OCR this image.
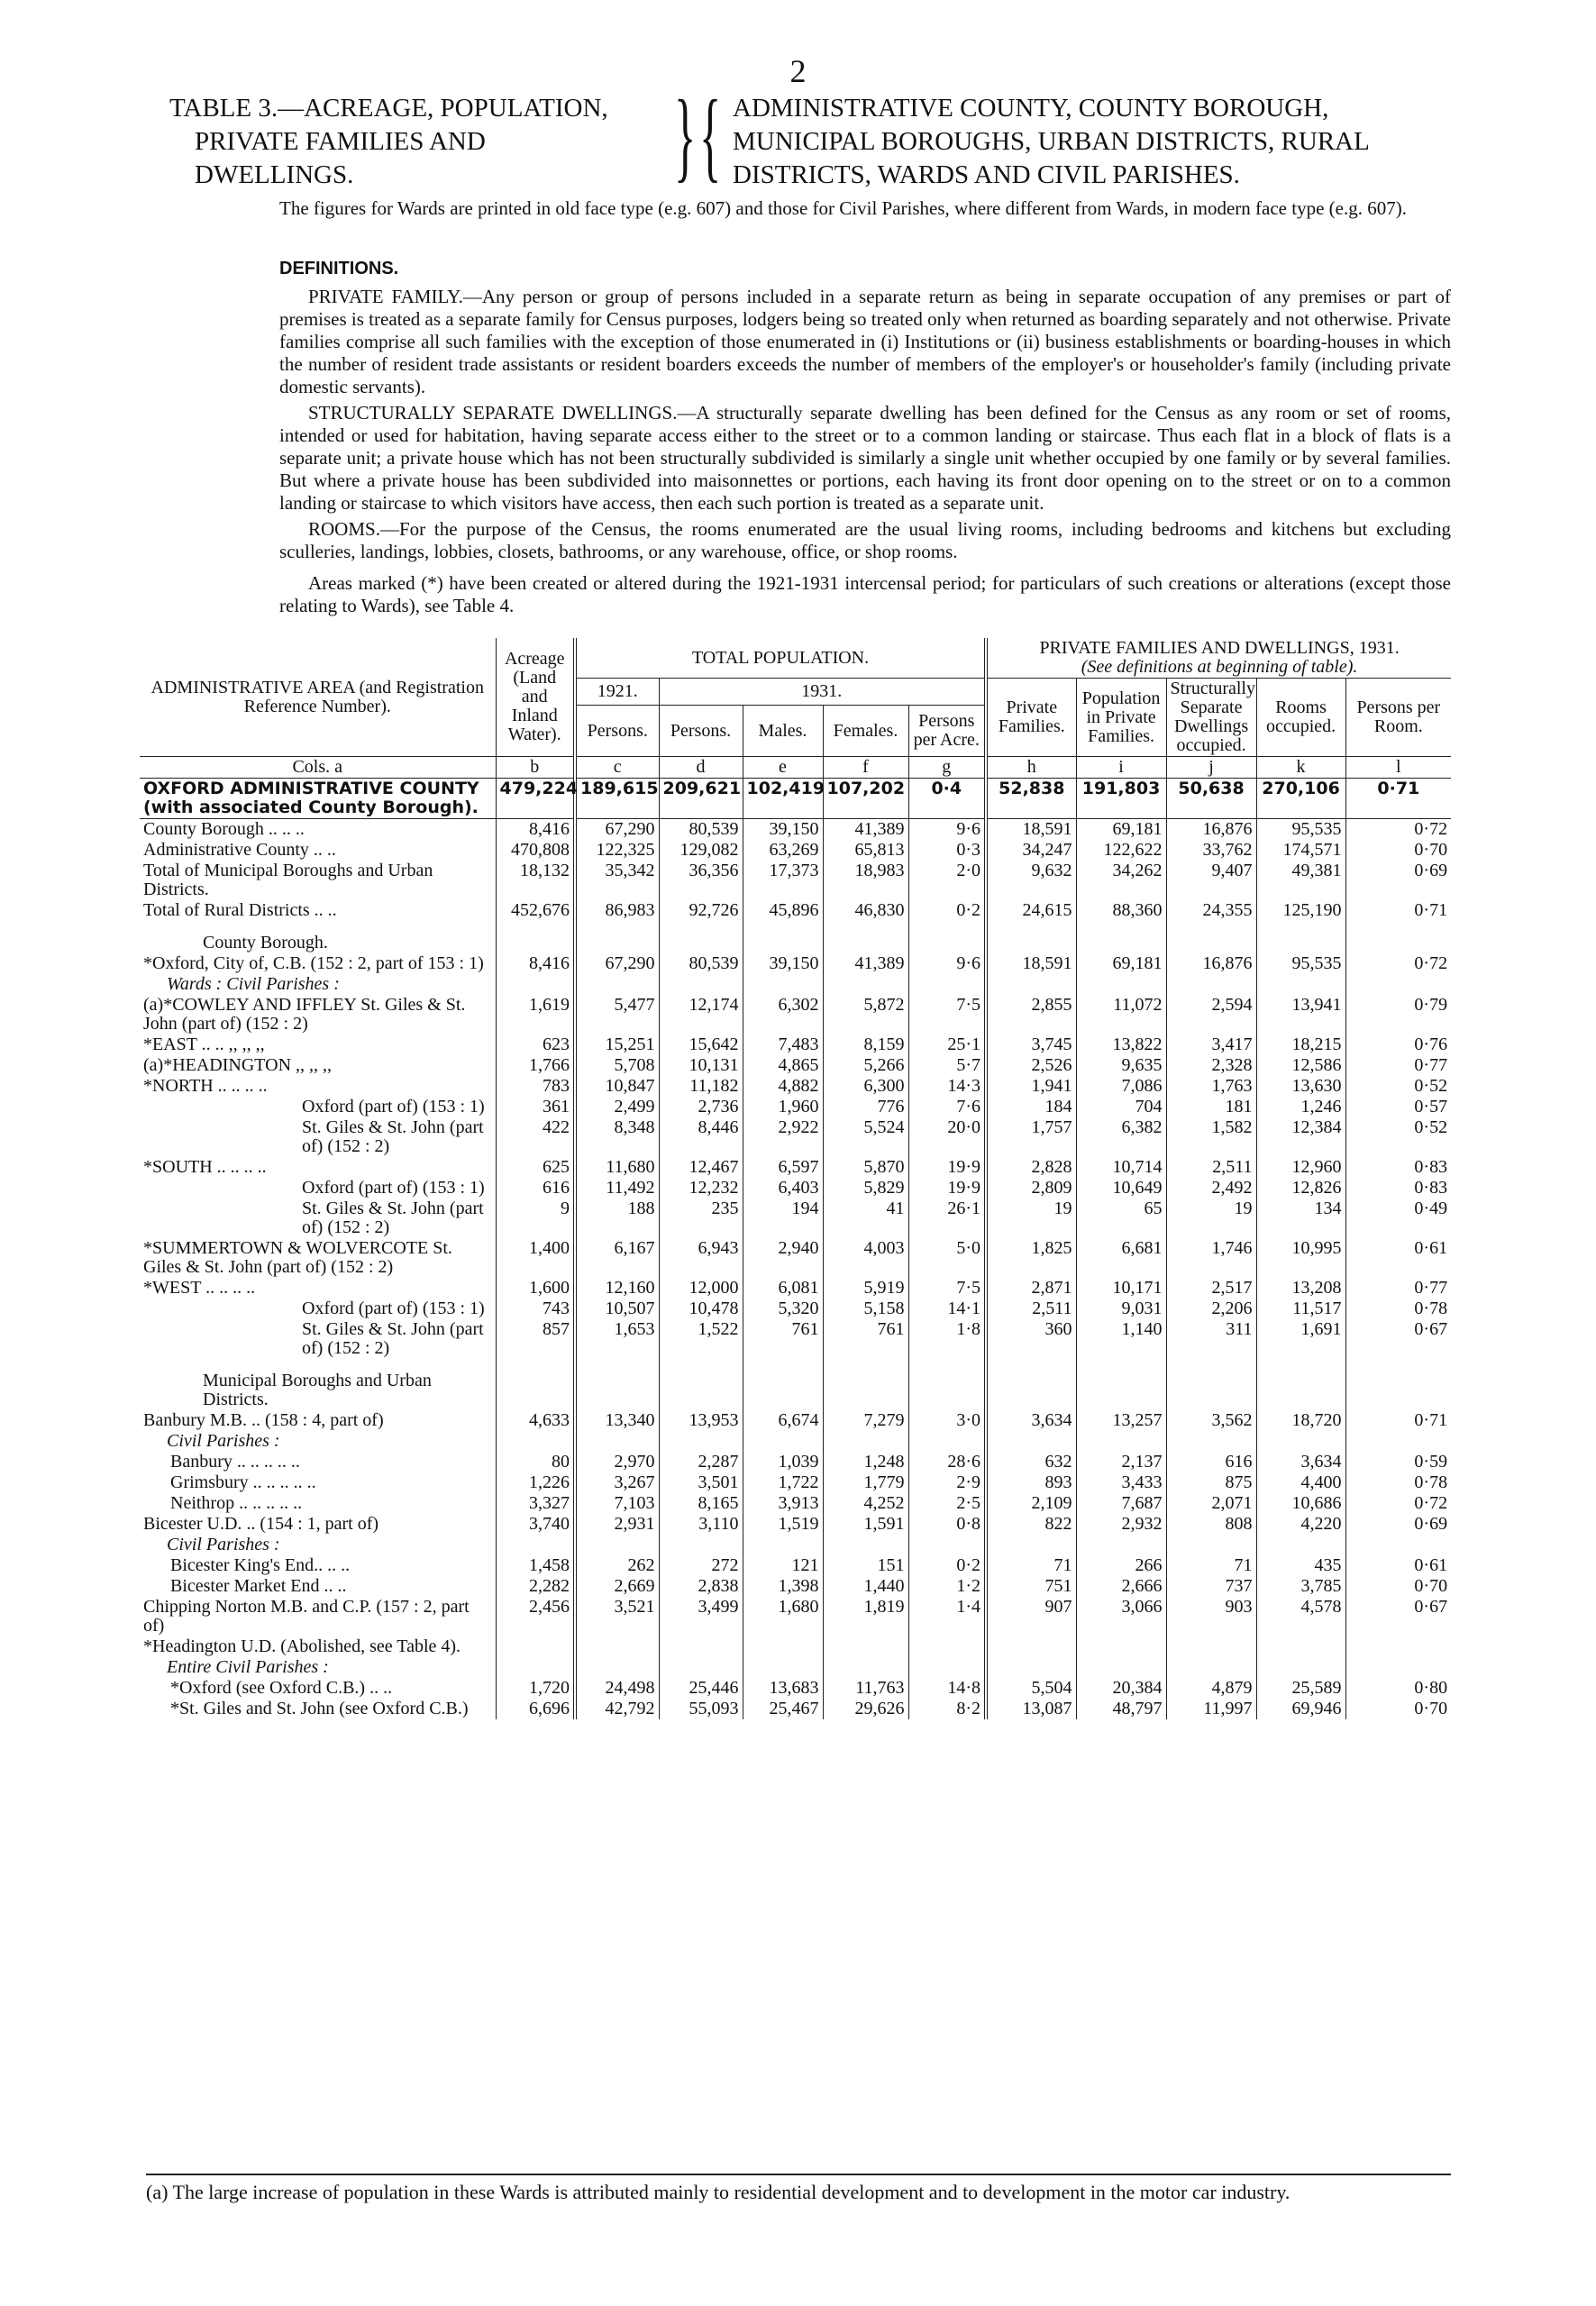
2
TABLE 3.—ACREAGE, POPULATION,
PRIVATE FAMILIES AND
DWELLINGS.	} { ADMINISTRATIVE COUNTY, COUNTY BOROUGH,
MUNICIPAL BOROUGHS, URBAN DISTRICTS, RURAL
DISTRICTS, WARDS AND CIVIL PARISHES.
The figures for Wards are printed in old face type (e.g. 607) and those for Civil Parishes, where different from Wards, in modern face type (e.g. 607).
DEFINITIONS.

PRIVATE FAMILY.—Any person or group of persons included in a separate return as being in separate occupation of any premises or part of premises is treated as a separate family for Census purposes, lodgers being so treated only when returned as boarding separately and not otherwise. Private families comprise all such families with the exception of those enumerated in (i) Institutions or (ii) business establishments or boarding-houses in which the number of resident trade assistants or resident boarders exceeds the number of members of the employer's or householder's family (including private domestic servants).

STRUCTURALLY SEPARATE DWELLINGS.—A structurally separate dwelling has been defined for the Census as any room or set of rooms, intended or used for habitation, having separate access either to the street or to a common landing or staircase. Thus each flat in a block of flats is a separate unit; a private house which has not been structurally subdivided is similarly a single unit whether occupied by one family or by several families. But where a private house has been subdivided into maisonnettes or portions, each having its front door opening on to the street or on to a common landing or staircase to which visitors have access, then each such portion is treated as a separate unit.

ROOMS.—For the purpose of the Census, the rooms enumerated are the usual living rooms, including bedrooms and kitchens but excluding sculleries, landings, lobbies, closets, bathrooms, or any warehouse, office, or shop rooms.

Areas marked (*) have been created or altered during the 1921-1931 intercensal period; for particulars of such creations or alterations (except those relating to Wards), see Table 4.

ADMINISTRATIVE AREA (and Registration Reference Number).	Acreage (Land and Inland Water).	TOTAL POPULATION.					PRIVATE FAMILIES AND DWELLINGS, 1931.
(See definitions at beginning of table).				
		1921.	1931.				Private Families.	Population in Private Families.	Structurally Separate Dwellings occupied.	Rooms occupied.	Persons per Room.
		Persons.	Persons.	Males.	Females.	Persons per Acre.					
Cols. a	b	c	d	e	f	g	h	i	j	k	l
OXFORD ADMINISTRATIVE COUNTY (with associated County Borough).	479,224	189,615	209,621	102,419	107,202	0·4	52,838	191,803	50,638	270,106	0·71
County Borough .. .. ..	8,416	67,290	80,539	39,150	41,389	9·6	18,591	69,181	16,876	95,535	0·72
Administrative County .. ..	470,808	122,325	129,082	63,269	65,813	0·3	34,247	122,622	33,762	174,571	0·70
Total of Municipal Boroughs and Urban Districts.	18,132	35,342	36,356	17,373	18,983	2·0	9,632	34,262	9,407	49,381	0·69
Total of Rural Districts .. ..	452,676	86,983	92,726	45,896	46,830	0·2	24,615	88,360	24,355	125,190	0·71
County Borough.											
*Oxford, City of, C.B. (152 : 2, part of 153 : 1)	8,416	67,290	80,539	39,150	41,389	9·6	18,591	69,181	16,876	95,535	0·72
Wards : Civil Parishes :											
(a)*COWLEY AND IFFLEY St. Giles & St. John (part of) (152 : 2)	1,619	5,477	12,174	6,302	5,872	7·5	2,855	11,072	2,594	13,941	0·79
*EAST .. .. ,, ,, ,,	623	15,251	15,642	7,483	8,159	25·1	3,745	13,822	3,417	18,215	0·76
(a)*HEADINGTON ,, ,, ,,	1,766	5,708	10,131	4,865	5,266	5·7	2,526	9,635	2,328	12,586	0·77
*NORTH .. .. .. ..	783	10,847	11,182	4,882	6,300	14·3	1,941	7,086	1,763	13,630	0·52
Oxford (part of) (153 : 1)	361	2,499	2,736	1,960	776	7·6	184	704	181	1,246	0·57
St. Giles & St. John (part of) (152 : 2)	422	8,348	8,446	2,922	5,524	20·0	1,757	6,382	1,582	12,384	0·52
*SOUTH .. .. .. ..	625	11,680	12,467	6,597	5,870	19·9	2,828	10,714	2,511	12,960	0·83
Oxford (part of) (153 : 1)	616	11,492	12,232	6,403	5,829	19·9	2,809	10,649	2,492	12,826	0·83
St. Giles & St. John (part of) (152 : 2)	9	188	235	194	41	26·1	19	65	19	134	0·49
*SUMMERTOWN & WOLVERCOTE St. Giles & St. John (part of) (152 : 2)	1,400	6,167	6,943	2,940	4,003	5·0	1,825	6,681	1,746	10,995	0·61
*WEST .. .. .. ..	1,600	12,160	12,000	6,081	5,919	7·5	2,871	10,171	2,517	13,208	0·77
Oxford (part of) (153 : 1)	743	10,507	10,478	5,320	5,158	14·1	2,511	9,031	2,206	11,517	0·78
St. Giles & St. John (part of) (152 : 2)	857	1,653	1,522	761	761	1·8	360	1,140	311	1,691	0·67
Municipal Boroughs and Urban Districts.											
Banbury M.B. .. (158 : 4, part of)	4,633	13,340	13,953	6,674	7,279	3·0	3,634	13,257	3,562	18,720	0·71
Civil Parishes :											
Banbury .. .. .. .. ..	80	2,970	2,287	1,039	1,248	28·6	632	2,137	616	3,634	0·59
Grimsbury .. .. .. .. ..	1,226	3,267	3,501	1,722	1,779	2·9	893	3,433	875	4,400	0·78
Neithrop .. .. .. .. ..	3,327	7,103	8,165	3,913	4,252	2·5	2,109	7,687	2,071	10,686	0·72
Bicester U.D. .. (154 : 1, part of)	3,740	2,931	3,110	1,519	1,591	0·8	822	2,932	808	4,220	0·69
Civil Parishes :											
Bicester King's End.. .. ..	1,458	262	272	121	151	0·2	71	266	71	435	0·61
Bicester Market End .. ..	2,282	2,669	2,838	1,398	1,440	1·2	751	2,666	737	3,785	0·70
Chipping Norton M.B. and C.P. (157 : 2, part of)	2,456	3,521	3,499	1,680	1,819	1·4	907	3,066	903	4,578	0·67
*Headington U.D. (Abolished, see Table 4).											
Entire Civil Parishes :											
*Oxford (see Oxford C.B.) .. ..	1,720	24,498	25,446	13,683	11,763	14·8	5,504	20,384	4,879	25,589	0·80
*St. Giles and St. John (see Oxford C.B.)	6,696	42,792	55,093	25,467	29,626	8·2	13,087	48,797	11,997	69,946	0·70
(a) The large increase of population in these Wards is attributed mainly to residential development and to development in the motor car industry.
